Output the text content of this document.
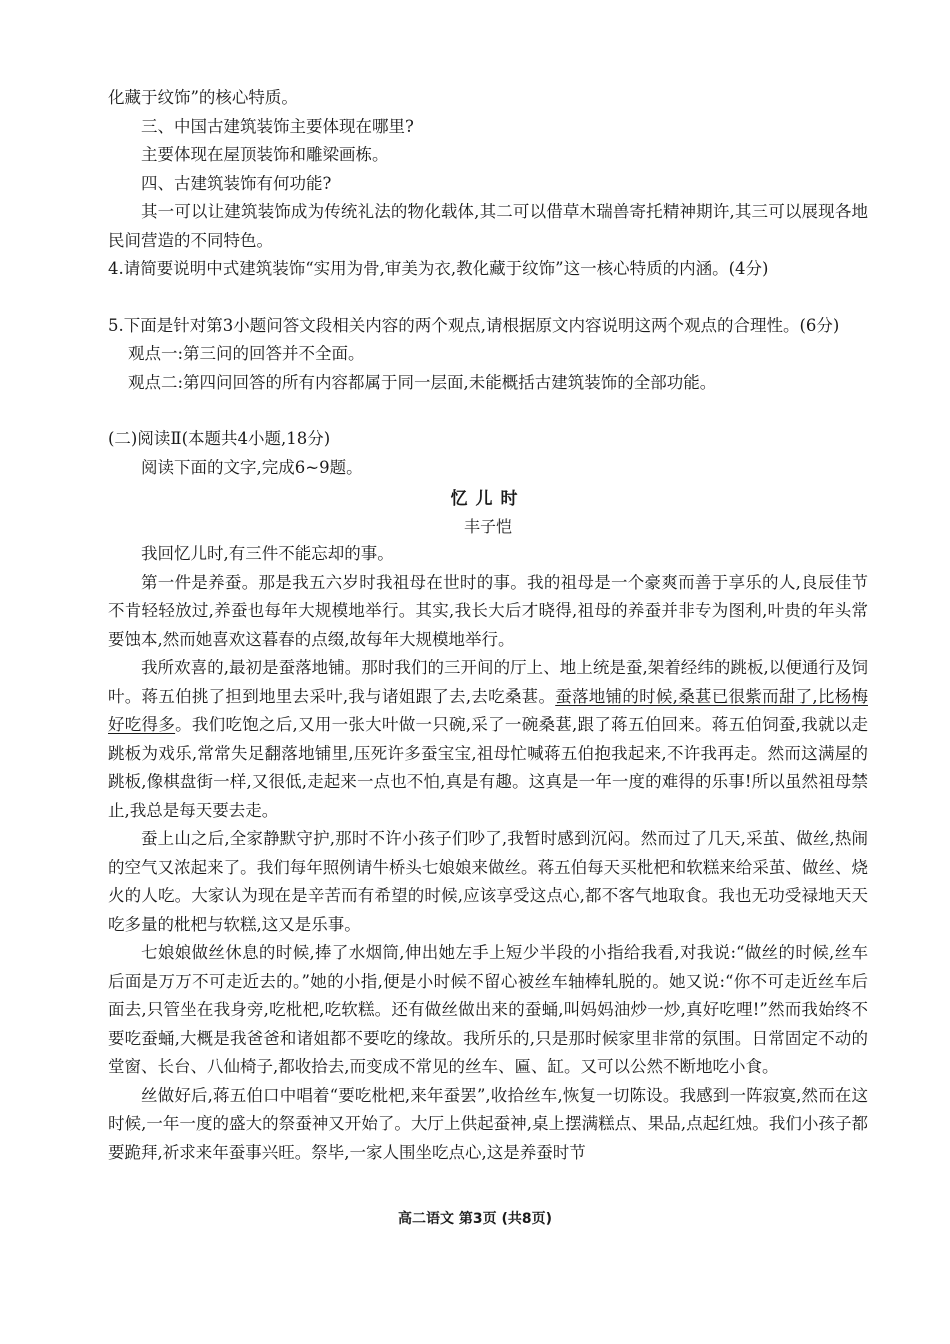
化藏于纹饰”的核心特质。

三、中国古建筑装饰主要体现在哪里?

主要体现在屋顶装饰和雕梁画栋。

四、古建筑装饰有何功能?

其一可以让建筑装饰成为传统礼法的物化载体,其二可以借草木瑞兽寄托精神期许,其三可以展现各地民间营造的不同特色。

4.请简要说明中式建筑装饰“实用为骨,审美为衣,教化藏于纹饰”这一核心特质的内涵。(4分)
5.下面是针对第3小题问答文段相关内容的两个观点,请根据原文内容说明这两个观点的合理性。(6分)

观点一:第三问的回答并不全面。

观点二:第四问回答的所有内容都属于同一层面,未能概括古建筑装饰的全部功能。

(二)阅读Ⅱ(本题共4小题,18分)

阅读下面的文字,完成6~9题。

忆儿时

丰子恺

我回忆儿时,有三件不能忘却的事。

第一件是养蚕。那是我五六岁时我祖母在世时的事。我的祖母是一个豪爽而善于享乐的人,良辰佳节不肯轻轻放过,养蚕也每年大规模地举行。其实,我长大后才晓得,祖母的养蚕并非专为图利,叶贵的年头常要蚀本,然而她喜欢这暮春的点缀,故每年大规模地举行。

我所欢喜的,最初是蚕落地铺。那时我们的三开间的厅上、地上统是蚕,架着经纬的跳板,以便通行及饲叶。蒋五伯挑了担到地里去采叶,我与诸姐跟了去,去吃桑葚。蚕落地铺的时候,桑葚已很紫而甜了,比杨梅好吃得多。我们吃饱之后,又用一张大叶做一只碗,采了一碗桑葚,跟了蒋五伯回来。蒋五伯饲蚕,我就以走跳板为戏乐,常常失足翻落地铺里,压死许多蚕宝宝,祖母忙喊蒋五伯抱我起来,不许我再走。然而这满屋的跳板,像棋盘街一样,又很低,走起来一点也不怕,真是有趣。这真是一年一度的难得的乐事!所以虽然祖母禁止,我总是每天要去走。

蚕上山之后,全家静默守护,那时不许小孩子们吵了,我暂时感到沉闷。然而过了几天,采茧、做丝,热闹的空气又浓起来了。我们每年照例请牛桥头七娘娘来做丝。蒋五伯每天买枇杷和软糕来给采茧、做丝、烧火的人吃。大家认为现在是辛苦而有希望的时候,应该享受这点心,都不客气地取食。我也无功受禄地天天吃多量的枇杷与软糕,这又是乐事。

七娘娘做丝休息的时候,捧了水烟筒,伸出她左手上短少半段的小指给我看,对我说:“做丝的时候,丝车后面是万万不可走近去的。”她的小指,便是小时候不留心被丝车轴棒轧脱的。她又说:“你不可走近丝车后面去,只管坐在我身旁,吃枇杷,吃软糕。还有做丝做出来的蚕蛹,叫妈妈油炒一炒,真好吃哩!”然而我始终不要吃蚕蛹,大概是我爸爸和诸姐都不要吃的缘故。我所乐的,只是那时候家里非常的氛围。日常固定不动的堂窗、长台、八仙椅子,都收拾去,而变成不常见的丝车、匾、缸。又可以公然不断地吃小食。

丝做好后,蒋五伯口中唱着“要吃枇杷,来年蚕罢”,收拾丝车,恢复一切陈设。我感到一阵寂寞,然而在这时候,一年一度的盛大的祭蚕神又开始了。大厅上供起蚕神,桌上摆满糕点、果品,点起红烛。我们小孩子都要跪拜,祈求来年蚕事兴旺。祭毕,一家人围坐吃点心,这是养蚕时节

高二语文 第3页 (共8页)
